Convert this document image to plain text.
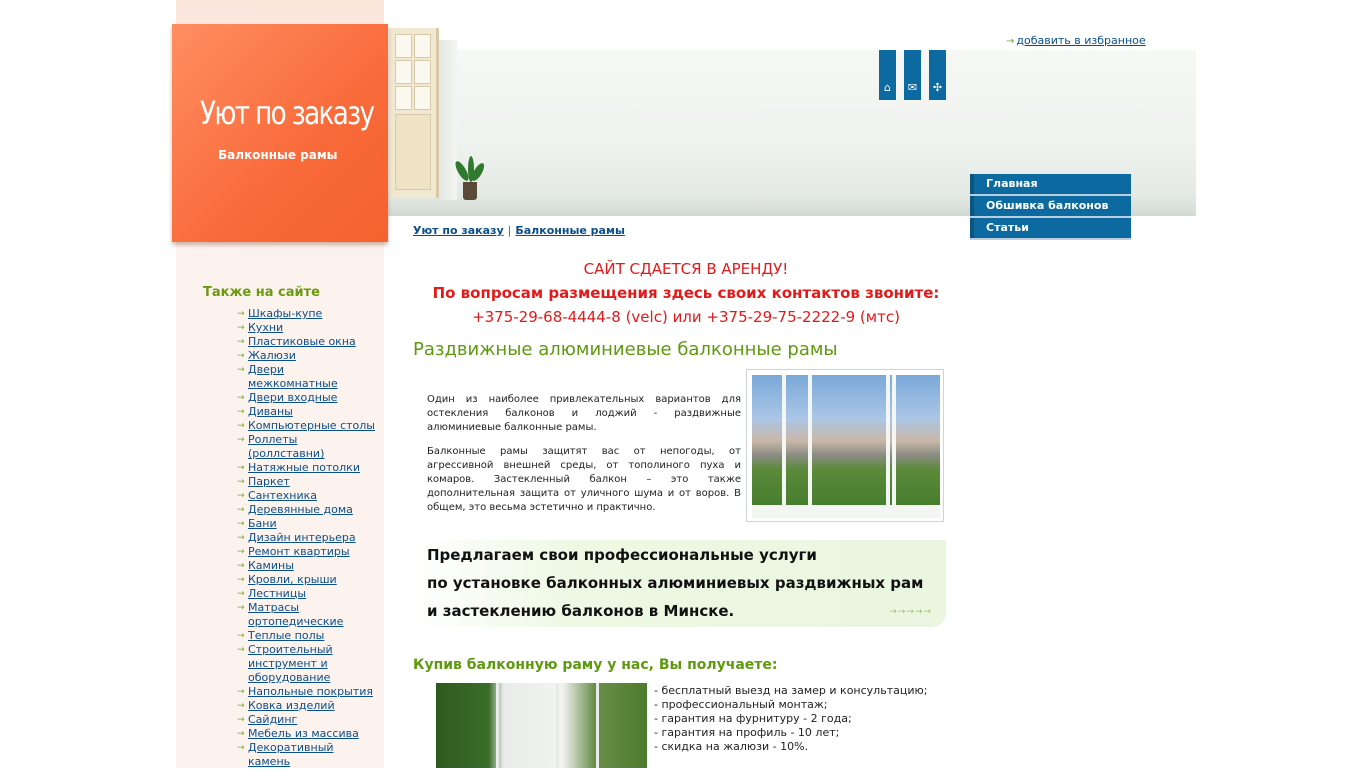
Уют по заказу
Балконные рамы
→ добавить в избранное
⌂	✉	✣
Главная
Обшивка балконов
Статьи
Уют по заказу | Балконные рамы
Также на сайте
→ Шкафы-купе
→ Кухни
→ Пластиковые окна
→ Жалюзи
→ Двери межкомнатные
→ Двери входные
→ Диваны
→ Компьютерные столы
→ Роллеты (роллставни)
→ Натяжные потолки
→ Паркет
→ Сантехника
→ Деревянные дома
→ Бани
→ Дизайн интерьера
→ Ремонт квартиры
→ Камины
→ Кровли, крыши
→ Лестницы
→ Матрасы ортопедические
→ Теплые полы
→ Строительный инструмент и оборудование
→ Напольные покрытия
→ Ковка изделий
→ Сайдинг
→ Мебель из массива
→ Декоративный камень
САЙТ СДАЕТСЯ В АРЕНДУ!
По вопросам размещения здесь своих контактов звоните:
+375-29-68-4444-8 (velc) или +375-29-75-2222-9 (мтс)
Раздвижные алюминиевые балконные рамы
Один из наиболее привлекательных вариантов для остекления балконов и лоджий - раздвижные алюминиевые балконные рамы.
Балконные рамы защитят вас от непогоды, от агрессивной внешней среды, от тополиного пуха и комаров. Застекленный балкон – это также дополнительная защита от уличного шума и от воров. В общем, это весьма эстетично и практично.
Предлагаем свои профессиональные услуги
по установке балконных алюминиевых раздвижных рам
и застеклению балконов в Минске.	→→→→→
Купив балконную раму у нас, Вы получаете:
- бесплатный выезд на замер и консультацию;
- профессиональный монтаж;
- гарантия на фурнитуру - 2 года;
- гарантия на профиль - 10 лет;
- скидка на жалюзи - 10%.
